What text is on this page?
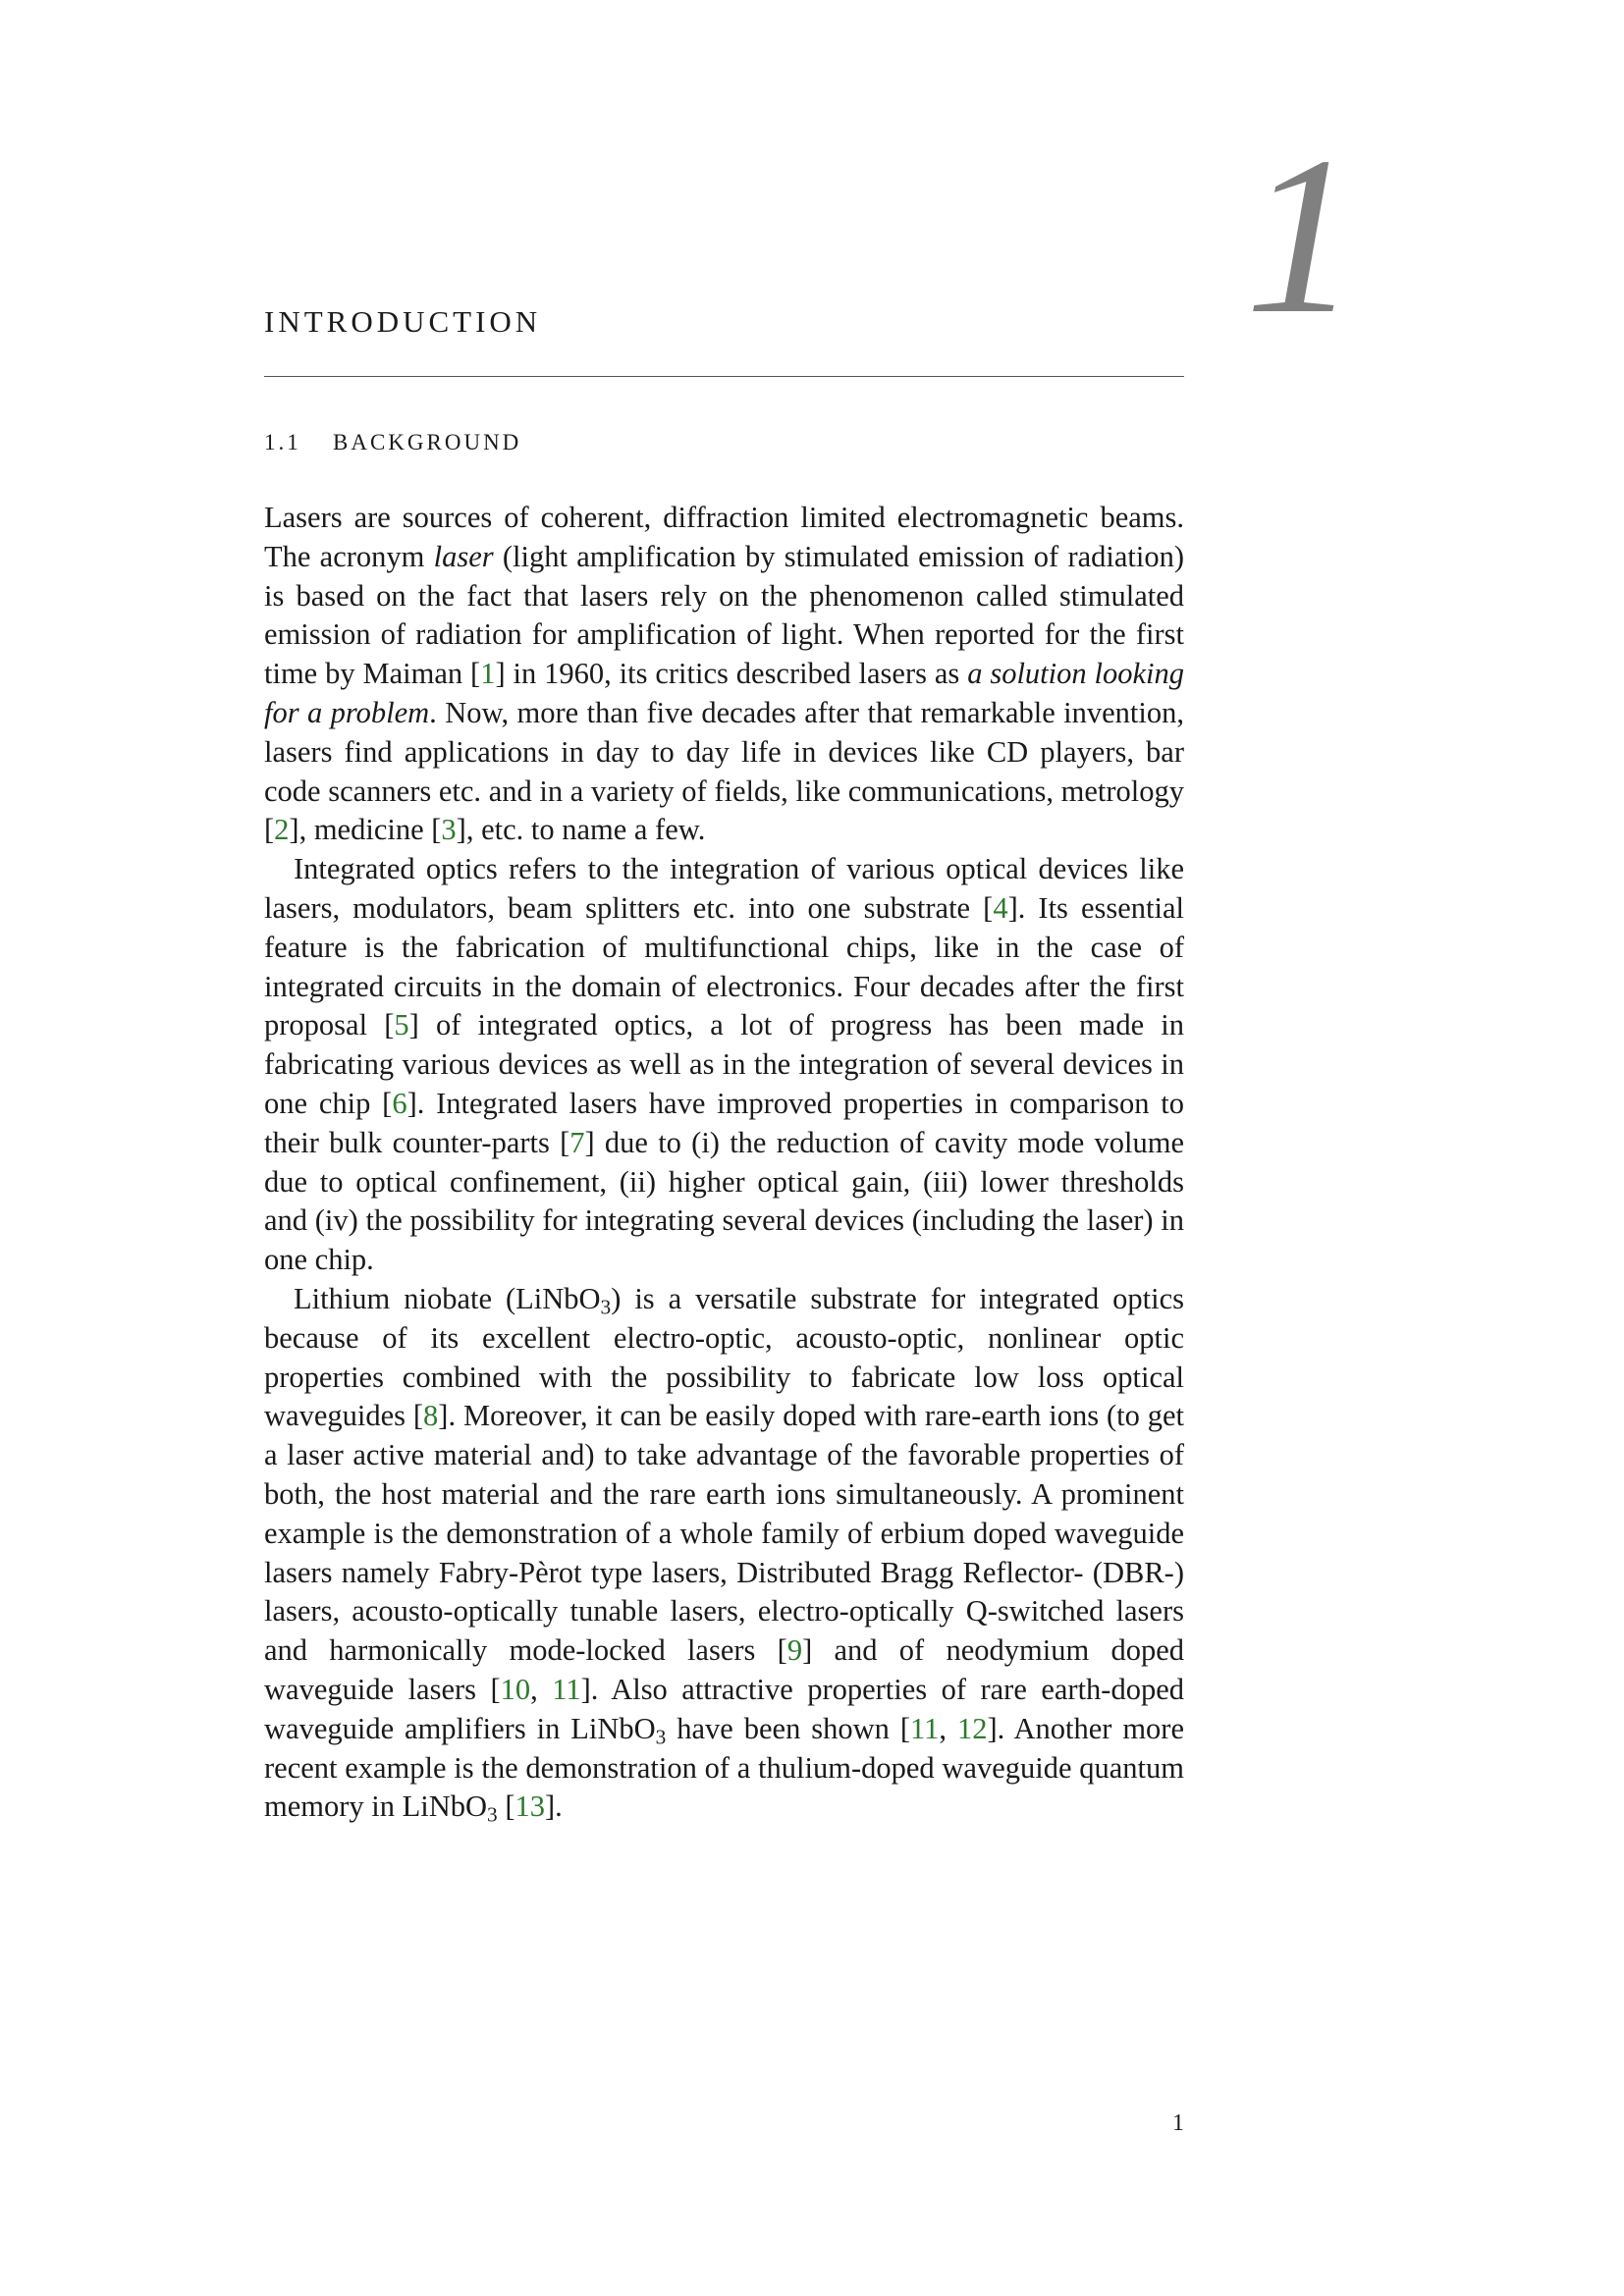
1
INTRODUCTION
1.1 BACKGROUND

Lasers are sources of coherent, diffraction limited electromagnetic beams. The acronym laser (light amplification by stimulated emission of radiation) is based on the fact that lasers rely on the phenomenon called stimulated emission of radiation for amplification of light. When reported for the first time by Maiman [1] in 1960, its critics described lasers as a solution looking for a problem. Now, more than five decades after that remarkable invention, lasers find applications in day to day life in devices like CD players, bar code scanners etc. and in a variety of fields, like communications, metrology [2], medicine [3], etc. to name a few.

Integrated optics refers to the integration of various optical devices like lasers, modulators, beam splitters etc. into one substrate [4]. Its essential feature is the fabrication of multifunctional chips, like in the case of integrated circuits in the domain of electronics. Four decades after the first proposal [5] of integrated optics, a lot of progress has been made in fabricating various devices as well as in the integration of several devices in one chip [6]. Integrated lasers have improved properties in comparison to their bulk counter-parts [7] due to (i) the reduction of cavity mode volume due to optical confinement, (ii) higher optical gain, (iii) lower thresholds and (iv) the possibility for integrating several devices (including the laser) in one chip.

Lithium niobate (LiNbO$_3$) is a versatile substrate for integrated optics because of its excellent electro-optic, acousto-optic, nonlinear optic properties combined with the possibility to fabricate low loss optical waveguides [8]. Moreover, it can be easily doped with rare-earth ions (to get a laser active material and) to take advantage of the favorable properties of both, the host material and the rare earth ions simultaneously. A prominent example is the demonstration of a whole family of erbium doped waveguide lasers namely Fabry-Pèrot type lasers, Distributed Bragg Reflector- (DBR-) lasers, acousto-optically tunable lasers, electro-optically Q-switched lasers and harmonically mode-locked lasers [9] and of neodymium doped waveguide lasers [10, 11]. Also attractive properties of rare earth-doped waveguide amplifiers in LiNbO$_3$ have been shown [11, 12]. Another more recent example is the demonstration of a thulium-doped waveguide quantum memory in LiNbO$_3$ [13].

1
